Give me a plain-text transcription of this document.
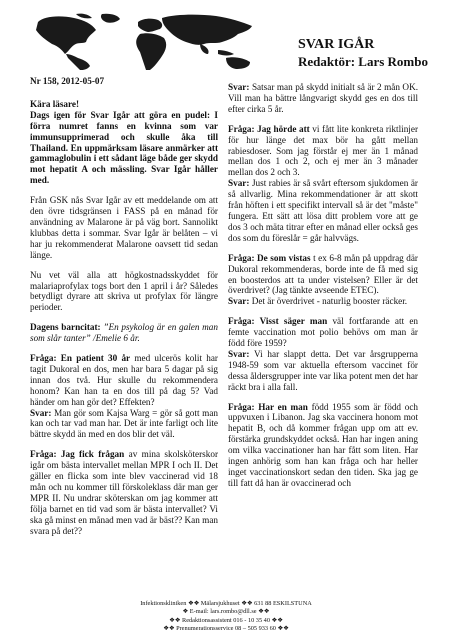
SVAR IGÅR
Redaktör: Lars Rombo

Nr 158, 2012-05-07

Kära läsare!

Dags igen för Svar Igår att göra en pudel: I förra numret fanns en kvinna som var immunsupprimerad och skulle åka till Thailand. En uppmärksam läsare anmärker att gammaglobulin i ett sådant läge både ger skydd mot hepatit A och mässling. Svar Igår håller med.

Från GSK nås Svar Igår av ett meddelande om att den övre tidsgränsen i FASS på en månad för användning av Malarone är på väg bort. Sannolikt klubbas detta i sommar. Svar Igår är belåten – vi har ju rekommenderat Malarone oavsett tid sedan länge.

Nu vet väl alla att högkostnadsskyddet för malariaprofylax togs bort den 1 april i år? Således betydligt dyrare att skriva ut profylax för längre perioder.

Dagens barncitat: ”En psykolog är en galen man som slår tanter” /Emelie 6 år.

Fråga: En patient 30 år med ulcerös kolit har tagit Dukoral en dos, men har bara 5 dagar på sig innan dos två. Hur skulle du rekommendera honom? Kan han ta en dos till på dag 5? Vad händer om han gör det? Effekten?
Svar: Man gör som Kajsa Warg = gör så gott man kan och tar vad man har. Det är inte farligt och lite bättre skydd än med en dos blir det väl.

Fråga: Jag fick frågan av mina skolsköterskor igår om bästa intervallet mellan MPR I och II. Det gäller en flicka som inte blev vaccinerad vid 18 mån och nu kommer till förskoleklass där man ger MPR II. Nu undrar sköterskan om jag kommer att följa barnet en tid vad som är bästa intervallet? Vi ska gå minst en månad men vad är bäst?? Kan man svara på det??

Svar: Satsar man på skydd initialt så är 2 mån OK. Vill man ha bättre långvarigt skydd ges en dos till efter cirka 5 år.

Fråga: Jag hörde att vi fått lite konkreta riktlinjer för hur länge det max bör ha gått mellan rabiesdoser. Som jag förstår ej mer än 1 månad mellan dos 1 och 2, och ej mer än 3 månader mellan dos 2 och 3.
Svar: Just rabies är så svårt eftersom sjukdomen är så allvarlig. Mina rekommendationer är att skott från höften i ett specifikt intervall så är det "måste" fungera. Ett sätt att lösa ditt problem vore att ge dos 3 och mäta titrar efter en månad eller också ges dos som du föreslår = går halvvägs.

Fråga: De som vistas t ex 6-8 mån på uppdrag där Dukoral rekommenderas, borde inte de få med sig en boosterdos att ta under vistelsen? Eller är det överdrivet? (Jag tänkte avseende ETEC).
Svar: Det är överdrivet - naturlig booster räcker.

Fråga: Visst säger man väl fortfarande att en femte vaccination mot polio behövs om man är född före 1959?
Svar: Vi har slappt detta. Det var årsgrupperna 1948-59 som var aktuella eftersom vaccinet för dessa åldersgrupper inte var lika potent men det har räckt bra i alla fall.

Fråga: Har en man född 1955 som är född och uppvuxen i Libanon. Jag ska vaccinera honom mot hepatit B, och då kommer frågan upp om att ev. förstärka grundskyddet också. Han har ingen aning om vilka vaccinationer han har fått som liten. Har ingen anhörig som han kan fråga och har heller inget vaccinationskort sedan den tiden. Ska jag ge till fatt då han är ovaccinerad och

Infektionskliniken ❖❖ Mälarsjukhuset ❖❖ 631 88 ESKILSTUNA
❖ E-mail: lars.rombo@dll.se ❖❖
❖❖ Redaktionsassistent 016 - 10 35 40 ❖❖
❖❖ Prenumerationsservice 08 – 505 933 60 ❖❖
